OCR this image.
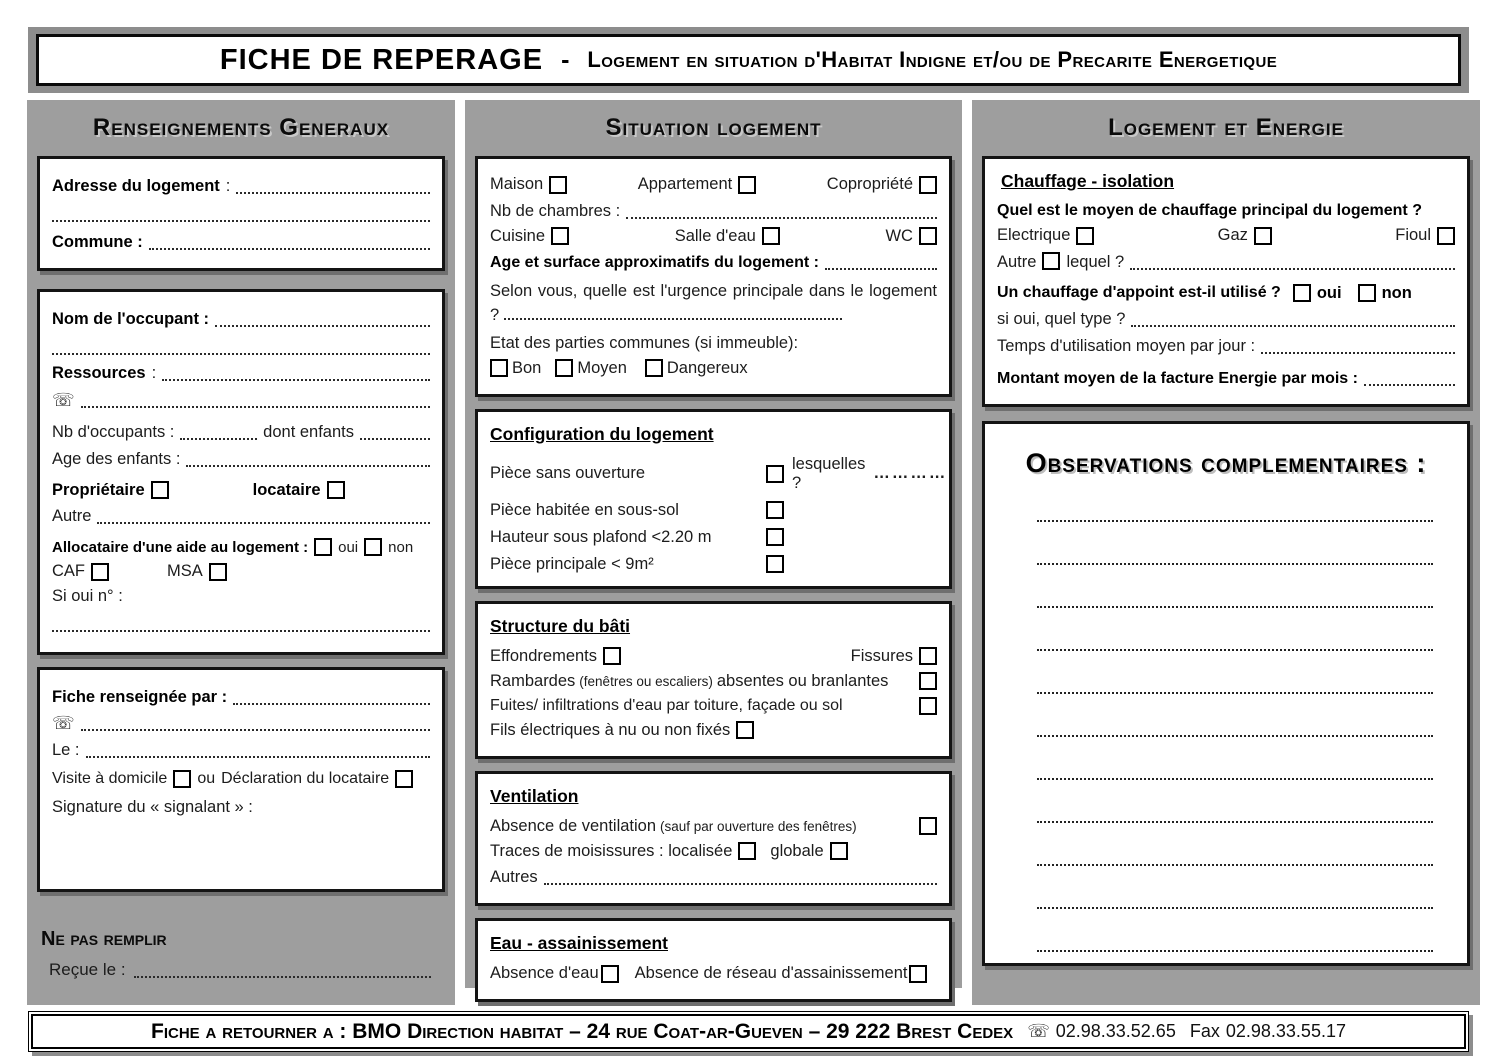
FICHE DE REPERAGE - Logement en situation d'Habitat Indigne et/ou de Precarite Energetique
Renseignements Generaux
Adresse du logement :
Commune :
Nom de l'occupant :
Ressources :
☏
Nb d'occupants :	dont enfants
Age des enfants :
Propriétaire	locataire
Autre
Allocataire d'une aide au logement : oui non
CAF	MSA
Si oui n° :
Fiche renseignée par :
☏
Le :
Visite à domicile ou Déclaration du locataire
Signature du « signalant » :
Ne pas remplir
Reçue le :
Situation logement
Maison	Appartement	Copropriété
Nb de chambres :
Cuisine	Salle d'eau	WC
Age et surface approximatifs du logement :
Selon vous, quelle est l'urgence principale dans le logement ?
Etat des parties communes (si immeuble):
Bon Moyen Dangereux
Configuration du logement
Pièce sans ouverture
lesquelles ?
…………
Pièce habitée en sous-sol
Hauteur sous plafond <2.20 m
Pièce principale < 9m²
Structure du bâti
Effondrements	Fissures
Rambardes (fenêtres ou escaliers) absentes ou branlantes
Fuites/ infiltrations d'eau par toiture, façade ou sol
Fils électriques à nu ou non fixés
Ventilation
Absence de ventilation (sauf par ouverture des fenêtres)
Traces de moisissures : localisée globale
Autres
Eau - assainissement
Absence d'eau Absence de réseau d'assainissement
Logement et Energie
Chauffage - isolation
Quel est le moyen de chauffage principal du logement ?
Electrique	Gaz	Fioul
Autre lequel ?
Un chauffage d'appoint est-il utilisé ? oui non
si oui, quel type ?
Temps d'utilisation moyen par jour :
Montant moyen de la facture Energie par mois :
Observations complementaires :
Fiche a retourner a : BMO Direction habitat – 24 rue Coat-ar-Gueven – 29 222 Brest Cedex ☏ 02.98.33.52.65 Fax 02.98.33.55.17
